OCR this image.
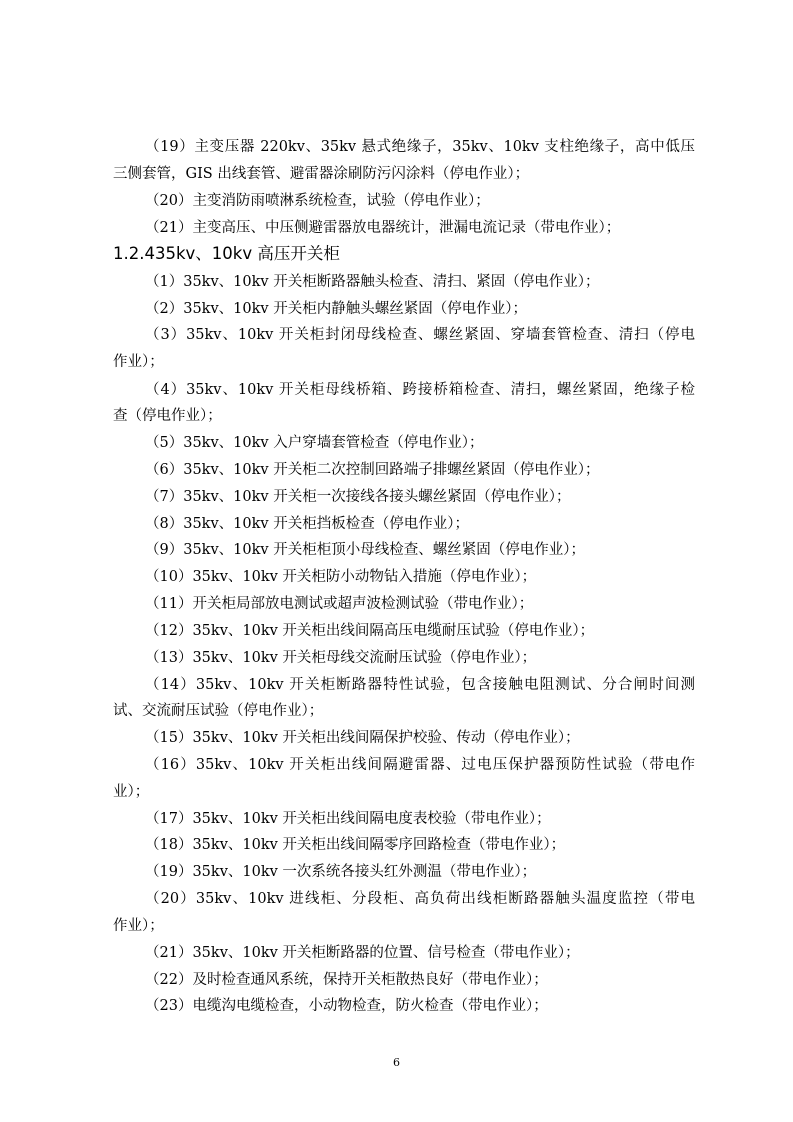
（19）主变压器 220kv、35kv 悬式绝缘子，35kv、10kv 支柱绝缘子，高中低压
三侧套管，GIS 出线套管、避雷器涂刷防污闪涂料（停电作业）；
（20）主变消防雨喷淋系统检查，试验（停电作业）；
（21）主变高压、中压侧避雷器放电器统计，泄漏电流记录（带电作业）；
1.2.435kv、10kv 高压开关柜
（1）35kv、10kv 开关柜断路器触头检查、清扫、紧固（停电作业）；
（2）35kv、10kv 开关柜内静触头螺丝紧固（停电作业）；
（3）35kv、10kv 开关柜封闭母线检查、螺丝紧固、穿墙套管检查、清扫（停电
作业）；
（4）35kv、10kv 开关柜母线桥箱、跨接桥箱检查、清扫，螺丝紧固，绝缘子检
查（停电作业）；
（5）35kv、10kv 入户穿墙套管检查（停电作业）；
（6）35kv、10kv 开关柜二次控制回路端子排螺丝紧固（停电作业）；
（7）35kv、10kv 开关柜一次接线各接头螺丝紧固（停电作业）；
（8）35kv、10kv 开关柜挡板检查（停电作业）；
（9）35kv、10kv 开关柜柜顶小母线检查、螺丝紧固（停电作业）；
（10）35kv、10kv 开关柜防小动物钻入措施（停电作业）；
（11）开关柜局部放电测试或超声波检测试验（带电作业）；
（12）35kv、10kv 开关柜出线间隔高压电缆耐压试验（停电作业）；
（13）35kv、10kv 开关柜母线交流耐压试验（停电作业）；
（14）35kv、10kv 开关柜断路器特性试验，包含接触电阻测试、分合闸时间测
试、交流耐压试验（停电作业）；
（15）35kv、10kv 开关柜出线间隔保护校验、传动（停电作业）；
（16）35kv、10kv 开关柜出线间隔避雷器、过电压保护器预防性试验（带电作
业）；
（17）35kv、10kv 开关柜出线间隔电度表校验（带电作业）；
（18）35kv、10kv 开关柜出线间隔零序回路检查（带电作业）；
（19）35kv、10kv 一次系统各接头红外测温（带电作业）；
（20）35kv、10kv 进线柜、分段柜、高负荷出线柜断路器触头温度监控（带电
作业）；
（21）35kv、10kv 开关柜断路器的位置、信号检查（带电作业）；
（22）及时检查通风系统，保持开关柜散热良好（带电作业）；
（23）电缆沟电缆检查，小动物检查，防火检查（带电作业）；
6
